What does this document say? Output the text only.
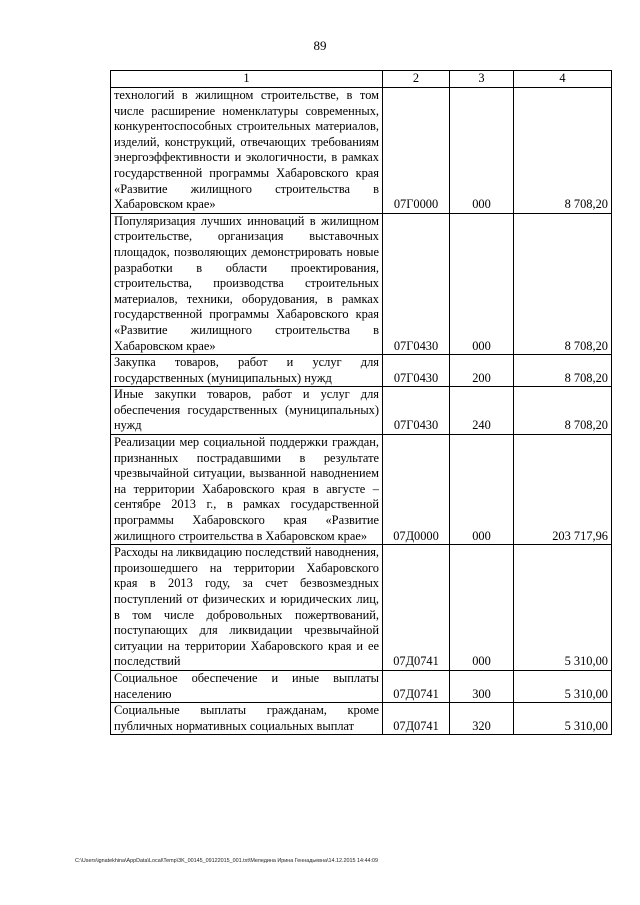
89
1	2	3	4
технологий в жилищном строительстве, в том числе расширение номенклатуры современных, конкурентоспособных строительных материалов, изделий, конструкций, отвечающих требованиям энергоэффективности и экологичности, в рамках государственной программы Хабаровского края «Развитие жилищного строительства в Хабаровском крае»	07Г0000	000	8 708,20
Популяризация лучших инноваций в жилищном строительстве, организация выставочных площадок, позволяющих демонстрировать новые разработки в области проектирования, строительства, производства строительных материалов, техники, оборудования, в рамках государственной программы Хабаровского края «Развитие жилищного строительства в Хабаровском крае»	07Г0430	000	8 708,20
Закупка товаров, работ и услуг для государственных (муниципальных) нужд	07Г0430	200	8 708,20
Иные закупки товаров, работ и услуг для обеспечения государственных (муниципальных) нужд	07Г0430	240	8 708,20
Реализации мер социальной поддержки граждан, признанных пострадавшими в результате чрезвычайной ситуации, вызванной наводнением на территории Хабаровского края в августе – сентябре 2013 г., в рамках государственной программы Хабаровского края «Развитие жилищного строительства в Хабаровском крае»	07Д0000	000	203 717,96
Расходы на ликвидацию последствий наводнения, произошедшего на территории Хабаровского края в 2013 году, за счет безвозмездных поступлений от физических и юридических лиц, в том числе добровольных пожертвований, поступающих для ликвидации чрезвычайной ситуации на территории Хабаровского края и ее последствий	07Д0741	000	5 310,00
Социальное обеспечение и иные выплаты населению	07Д0741	300	5 310,00
Социальные выплаты гражданам, кроме публичных нормативных социальных выплат	07Д0741	320	5 310,00
C:\Users\ignatekhina\AppData\Local\Temp\3K_00145_09122015_001.txt\Меледина Ирина Геннадьевна\14.12.2015 14:44:09
